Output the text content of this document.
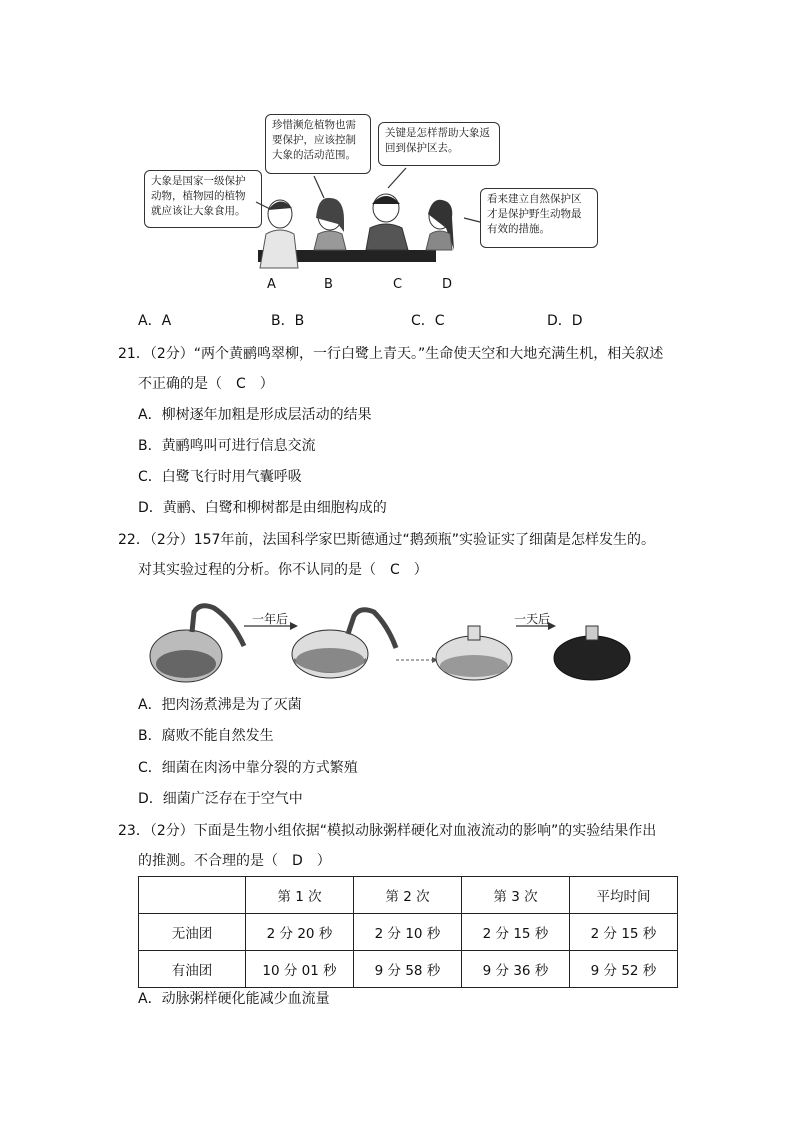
大象是国家一级保护动物，植物园的植物就应该让大象食用。
珍惜濒危植物也需要保护，应该控制大象的活动范围。
关键是怎样帮助大象返回到保护区去。
看来建立自然保护区才是保护野生动物最有效的措施。
A	B	C	D
A．A	B．B	C．C	D．D
21．（2分）“两个黄鹂鸣翠柳，一行白鹭上青天。”生命使天空和大地充满生机，相关叙述
不正确的是（　C　）
A．柳树逐年加粗是形成层活动的结果
B．黄鹂鸣叫可进行信息交流
C．白鹭飞行时用气囊呼吸
D．黄鹂、白鹭和柳树都是由细胞构成的
22．（2分）157年前，法国科学家巴斯德通过“鹅颈瓶”实验证实了细菌是怎样发生的。
对其实验过程的分析。你不认同的是（　C　）
一年后	一天后
A．把肉汤煮沸是为了灭菌
B．腐败不能自然发生
C．细菌在肉汤中靠分裂的方式繁殖
D．细菌广泛存在于空气中
23．（2分）下面是生物小组依据“模拟动脉粥样硬化对血液流动的影响”的实验结果作出
的推测。不合理的是（　D　）
	第 1 次	第 2 次	第 3 次	平均时间
无油团	2 分 20 秒	2 分 10 秒	2 分 15 秒	2 分 15 秒
有油团	10 分 01 秒	9 分 58 秒	9 分 36 秒	9 分 52 秒
A．动脉粥样硬化能减少血流量
